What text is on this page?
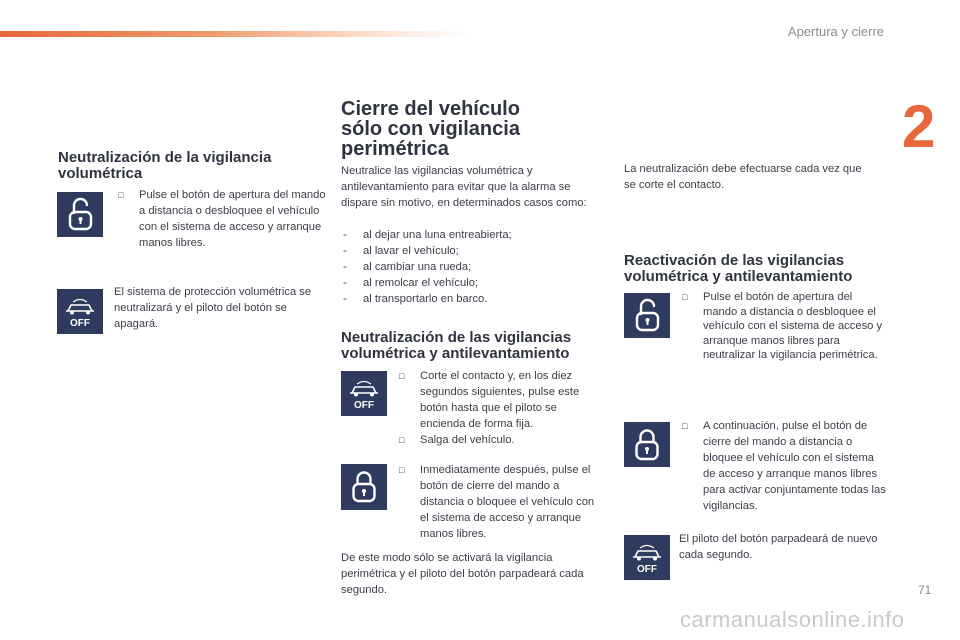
Apertura y cierre
2
Neutralización de la vigilancia volumétrica
□	Pulse el botón de apertura del mando a distancia o desbloquee el vehículo con el sistema de acceso y arranque manos libres.
OFF

El sistema de protección volumétrica se neutralizará y el piloto del botón se apagará.

Cierre del vehículo sólo con vigilancia perimétrica

Neutralice las vigilancias volumétrica y antilevantamiento para evitar que la alarma se dispare sin motivo, en determinados casos como:

- al dejar una luna entreabierta;
- al lavar el vehículo;
- al cambiar una rueda;
- al remolcar el vehículo;
- al transportarlo en barco.
Neutralización de las vigilancias volumétrica y antilevantamiento
OFF
□	Corte el contacto y, en los diez segundos siguientes, pulse este botón hasta que el piloto se encienda de forma fija.
□	Salga del vehículo.
□	Inmediatamente después, pulse el botón de cierre del mando a distancia o bloquee el vehículo con el sistema de acceso y arranque manos libres.

De este modo sólo se activará la vigilancia perimétrica y el piloto del botón parpadeará cada segundo.

La neutralización debe efectuarse cada vez que se corte el contacto.

Reactivación de las vigilancias volumétrica y antilevantamiento
□	Pulse el botón de apertura del mando a distancia o desbloquee el vehículo con el sistema de acceso y arranque manos libres para neutralizar la vigilancia perimétrica.
□	A continuación, pulse el botón de cierre del mando a distancia o bloquee el vehículo con el sistema de acceso y arranque manos libres para activar conjuntamente todas las vigilancias.
OFF

El piloto del botón parpadeará de nuevo cada segundo.

71
carmanualsonline.info
